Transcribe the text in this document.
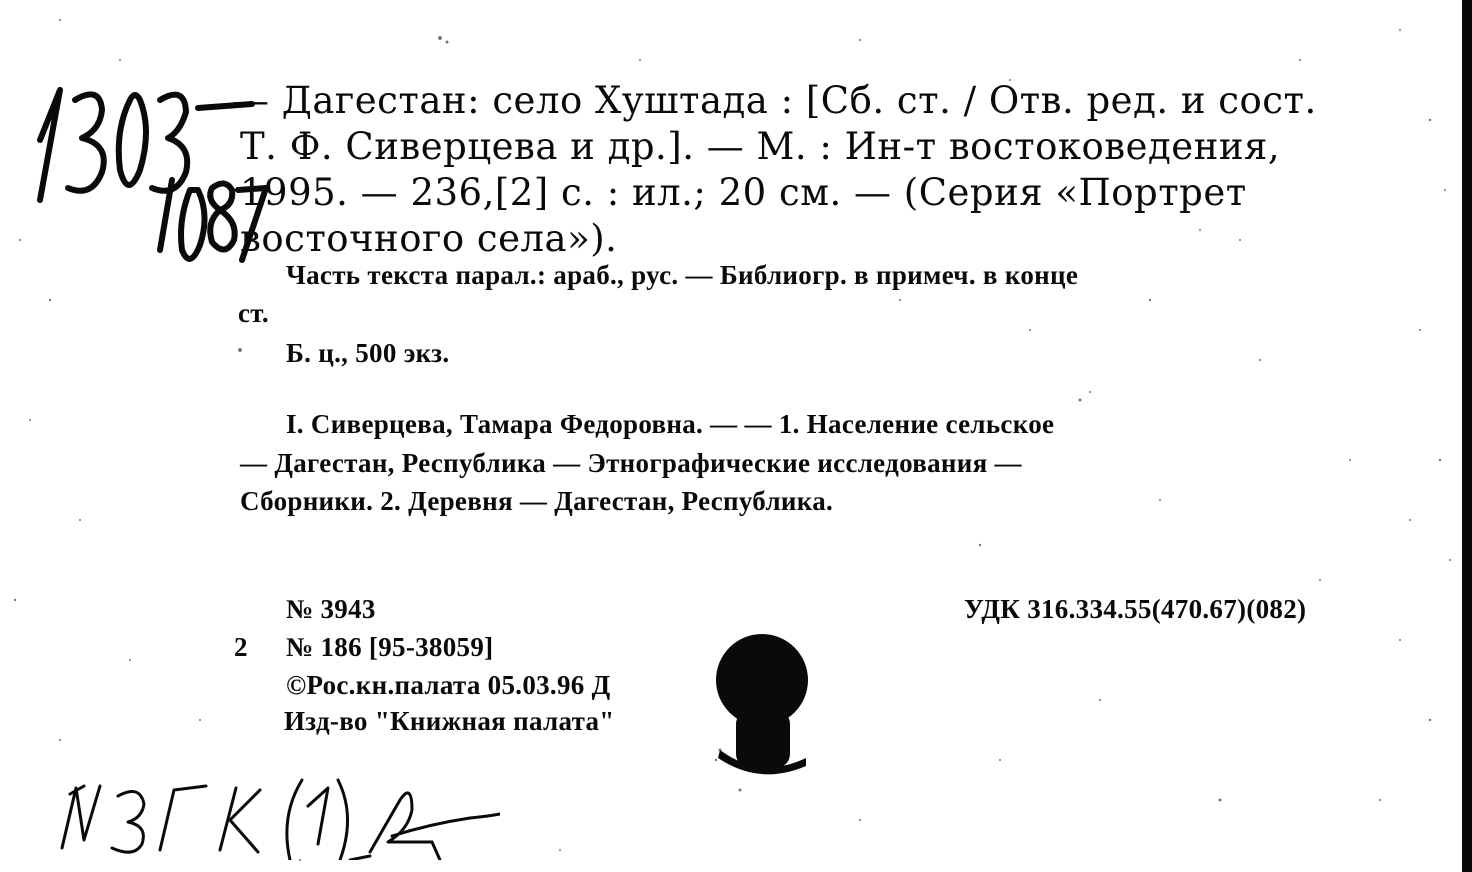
— Дагестан: село Хуштада : [Сб. ст. / Отв. ред. и сост.

Т. Ф. Сиверцева и др.]. — М. : Ин-т востоковедения,

1995. — 236,[2] с. : ил.; 20 см. — (Серия «Портрет

восточного села»).

Часть текста парал.: араб., рус. — Библиогр. в примеч. в конце

ст.

Б. ц., 500 экз.

I. Сиверцева, Тамара Федоровна. — — 1. Население сельское

— Дагестан, Республика — Этнографические исследования —

Сборники. 2. Деревня — Дагестан, Республика.

№ 3943

2 № 186 [95-38059]

©Рос.кн.палата 05.03.96 Д

Изд-во "Книжная палата"

УДК 316.334.55(470.67)(082)
